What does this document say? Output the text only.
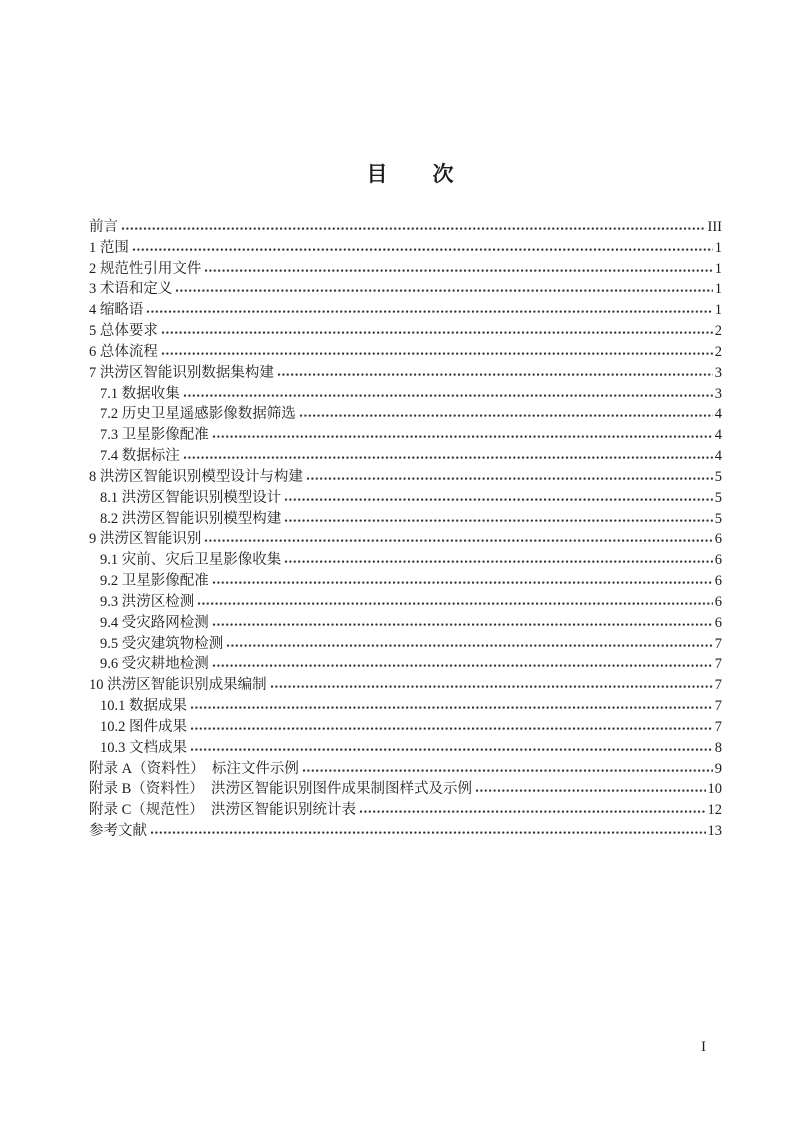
目　　次
前言	III
1 范围	1
2 规范性引用文件	1
3 术语和定义	1
4 缩略语	1
5 总体要求	2
6 总体流程	2
7 洪涝区智能识别数据集构建	3
7.1 数据收集	3
7.2 历史卫星遥感影像数据筛选	4
7.3 卫星影像配准	4
7.4 数据标注	4
8 洪涝区智能识别模型设计与构建	5
8.1 洪涝区智能识别模型设计	5
8.2 洪涝区智能识别模型构建	5
9 洪涝区智能识别	6
9.1 灾前、灾后卫星影像收集	6
9.2 卫星影像配准	6
9.3 洪涝区检测	6
9.4 受灾路网检测	6
9.5 受灾建筑物检测	7
9.6 受灾耕地检测	7
10 洪涝区智能识别成果编制	7
10.1 数据成果	7
10.2 图件成果	7
10.3 文档成果	8
附录 A（资料性）　标注文件示例	9
附录 B（资料性）　洪涝区智能识别图件成果制图样式及示例	10
附录 C（规范性）　洪涝区智能识别统计表	12
参考文献	13
I
